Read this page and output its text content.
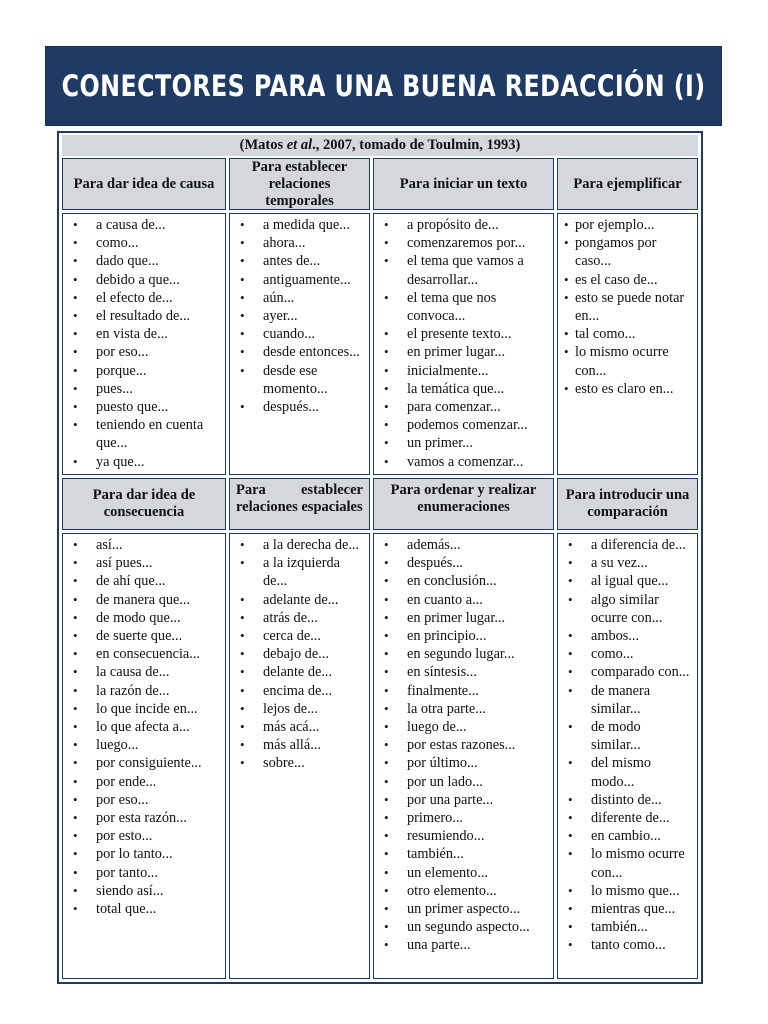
CONECTORES PARA UNA BUENA REDACCIÓN (I)
(Matos et al., 2007, tomado de Toulmin, 1993)
Para dar idea de causa
Para establecer relaciones temporales
Para iniciar un texto	Para ejemplificar
• a causa de...
• como...
• dado que...
• debido a que...
• el efecto de...
• el resultado de...
• en vista de...
• por eso...
• porque...
• pues...
• puesto que...
• teniendo en cuenta que...
• ya que...
• a medida que...
• ahora...
• antes de...
• antiguamente...
• aún...
• ayer...
• cuando...
• desde entonces...
• desde ese momento...
• después...
• a propósito de...
• comenzaremos por...
• el tema que vamos a desarrollar...
• el tema que nos convoca...
• el presente texto...
• en primer lugar...
• inicialmente...
• la temática que...
• para comenzar...
• podemos comenzar...
• un primer...
• vamos a comenzar...
• por ejemplo...
• pongamos por caso...
• es el caso de...
• esto se puede notar en...
• tal como...
• lo mismo ocurre con...
• esto es claro en...
Para dar idea de consecuencia
Para establecer relaciones espaciales
Para ordenar y realizar enumeraciones
Para introducir una comparación
• así...
• así pues...
• de ahí que...
• de manera que...
• de modo que...
• de suerte que...
• en consecuencia...
• la causa de...
• la razón de...
• lo que incide en...
• lo que afecta a...
• luego...
• por consiguiente...
• por ende...
• por eso...
• por esta razón...
• por esto...
• por lo tanto...
• por tanto...
• siendo así...
• total que...
• a la derecha de...
• a la izquierda de...
• adelante de...
• atrás de...
• cerca de...
• debajo de...
• delante de...
• encima de...
• lejos de...
• más acá...
• más allá...
• sobre...
• además...
• después...
• en conclusión...
• en cuanto a...
• en primer lugar...
• en principio...
• en segundo lugar...
• en síntesis...
• finalmente...
• la otra parte...
• luego de...
• por estas razones...
• por último...
• por un lado...
• por una parte...
• primero...
• resumiendo...
• también...
• un elemento...
• otro elemento...
• un primer aspecto...
• un segundo aspecto...
• una parte...
• a diferencia de...
• a su vez...
• al igual que...
• algo similar ocurre con...
• ambos...
• como...
• comparado con...
• de manera similar...
• de modo similar...
• del mismo modo...
• distinto de...
• diferente de...
• en cambio...
• lo mismo ocurre con...
• lo mismo que...
• mientras que...
• también...
• tanto como...
